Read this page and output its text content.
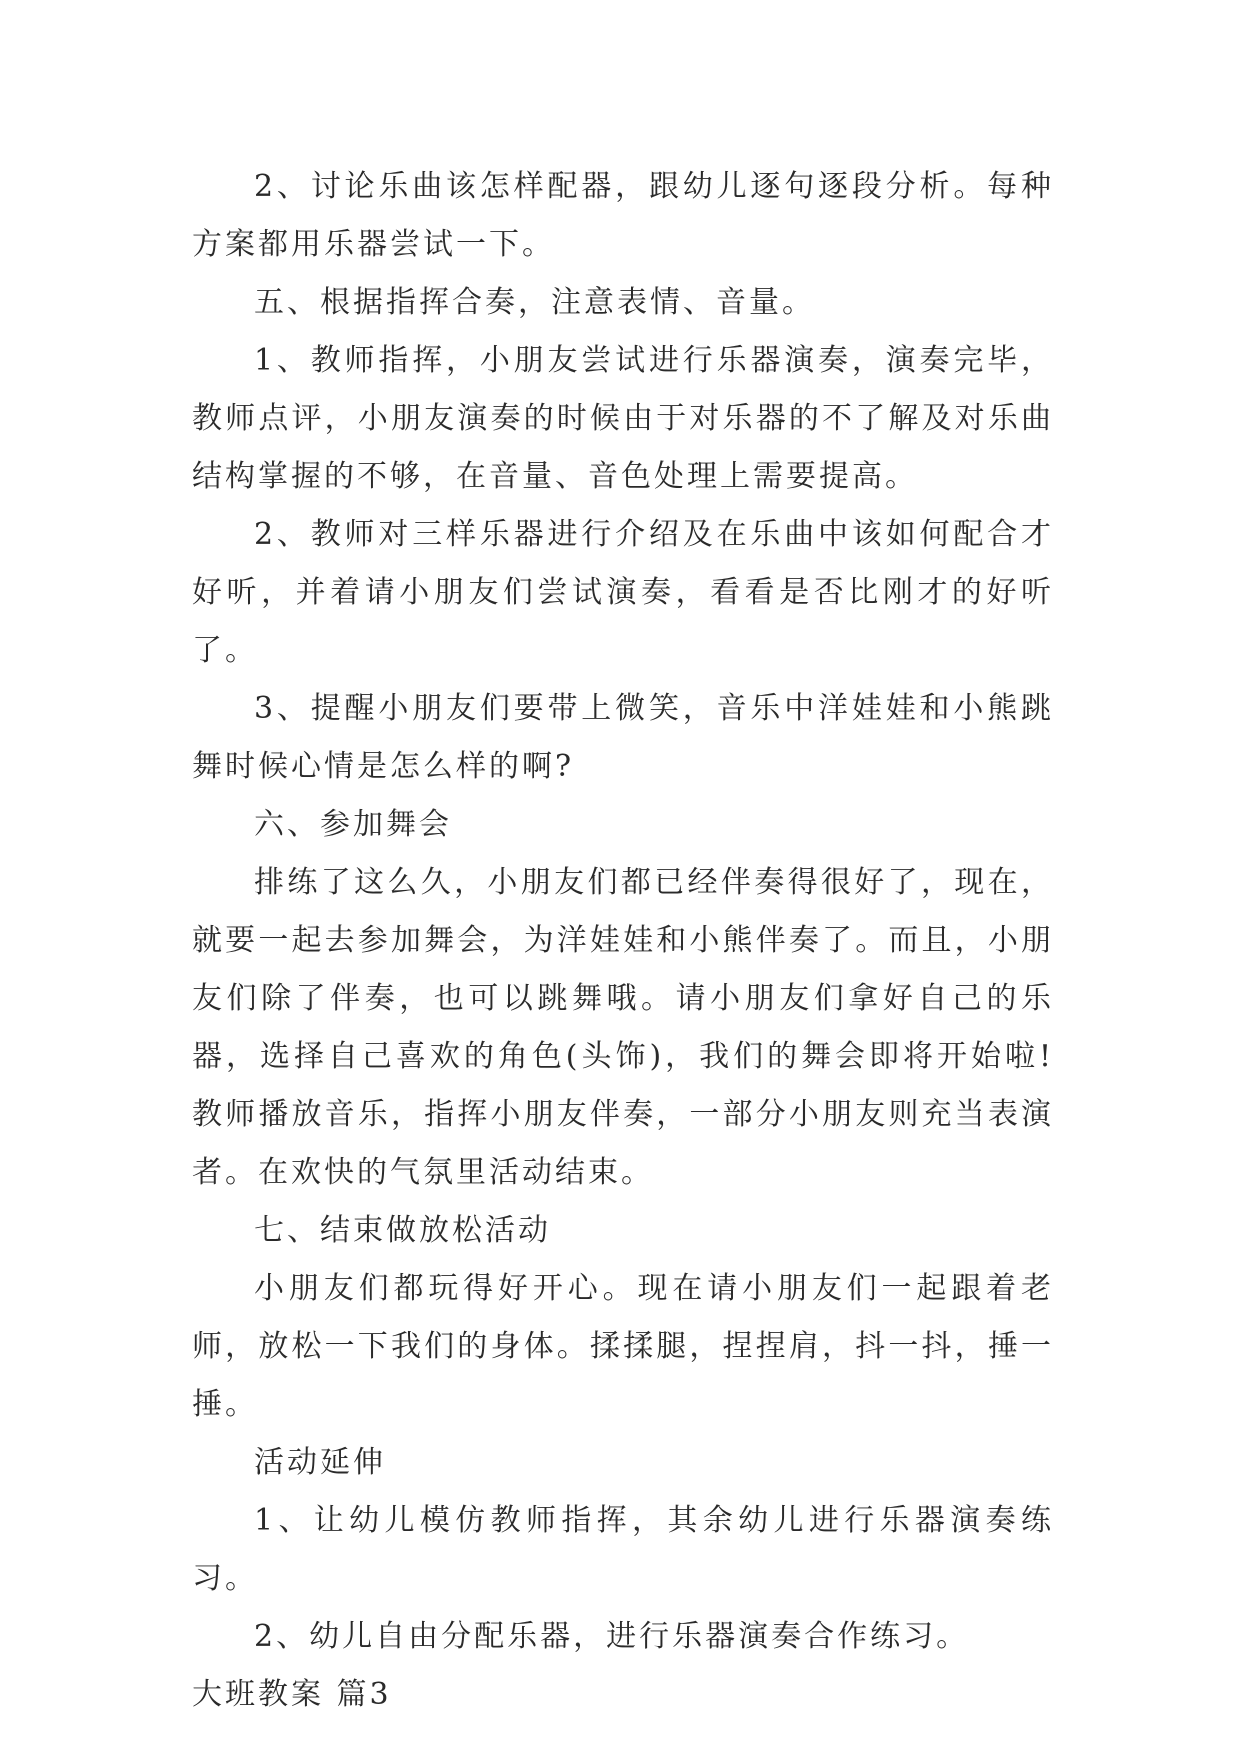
2、讨论乐曲该怎样配器，跟幼儿逐句逐段分析。每种方案都用乐器尝试一下。

五、根据指挥合奏，注意表情、音量。

1、教师指挥，小朋友尝试进行乐器演奏，演奏完毕，教师点评，小朋友演奏的时候由于对乐器的不了解及对乐曲结构掌握的不够，在音量、音色处理上需要提高。

2、教师对三样乐器进行介绍及在乐曲中该如何配合才好听，并着请小朋友们尝试演奏，看看是否比刚才的好听了。

3、提醒小朋友们要带上微笑，音乐中洋娃娃和小熊跳舞时候心情是怎么样的啊?

六、参加舞会

排练了这么久，小朋友们都已经伴奏得很好了，现在，就要一起去参加舞会，为洋娃娃和小熊伴奏了。而且，小朋友们除了伴奏，也可以跳舞哦。请小朋友们拿好自己的乐器，选择自己喜欢的角色(头饰)，我们的舞会即将开始啦!教师播放音乐，指挥小朋友伴奏，一部分小朋友则充当表演者。在欢快的气氛里活动结束。

七、结束做放松活动

小朋友们都玩得好开心。现在请小朋友们一起跟着老师，放松一下我们的身体。揉揉腿，捏捏肩，抖一抖，捶一捶。

活动延伸

1、让幼儿模仿教师指挥，其余幼儿进行乐器演奏练习。

2、幼儿自由分配乐器，进行乐器演奏合作练习。

大班教案 篇3
